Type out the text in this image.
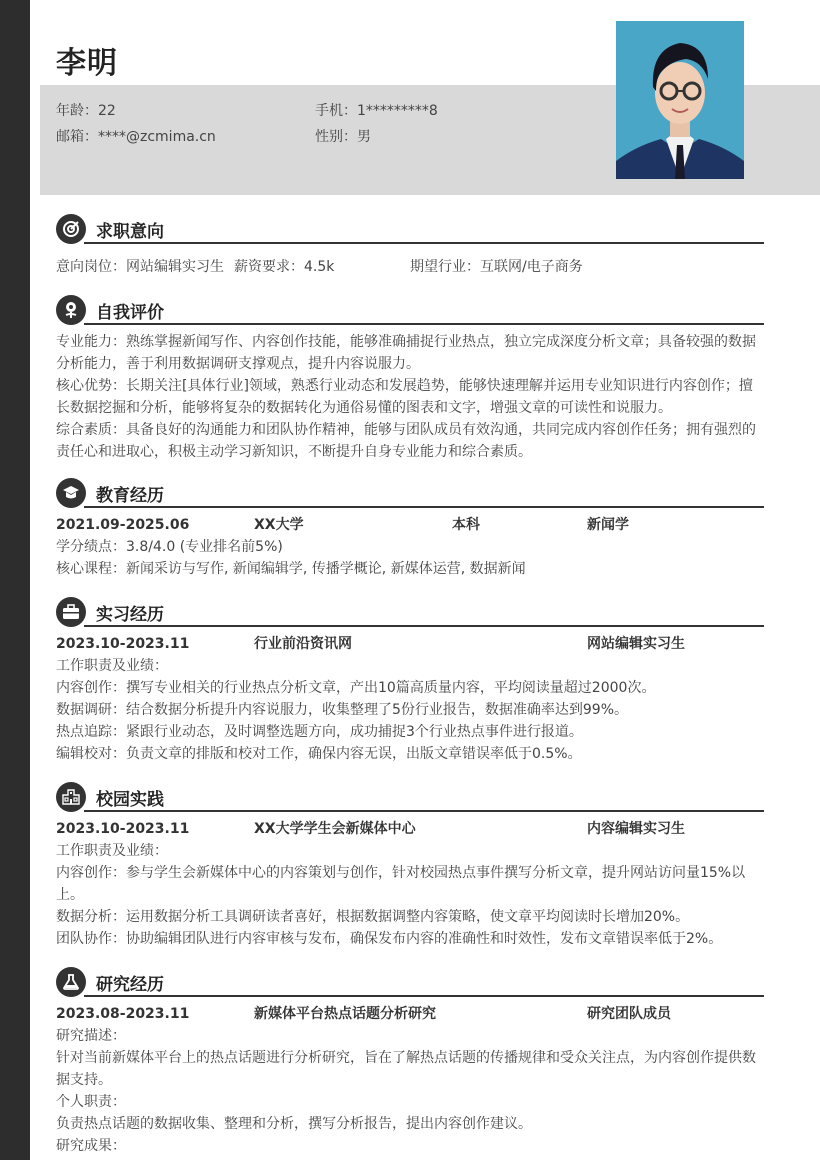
李明
年龄：22	手机：1*********8
邮箱：****@zcmima.cn	性别：男
求职意向
意向岗位：网站编辑实习生 薪资要求：4.5k	期望行业：互联网/电子商务
自我评价
专业能力：熟练掌握新闻写作、内容创作技能，能够准确捕捉行业热点，独立完成深度分析文章；具备较强的数据
分析能力，善于利用数据调研支撑观点，提升内容说服力。
核心优势：长期关注[具体行业]领域，熟悉行业动态和发展趋势，能够快速理解并运用专业知识进行内容创作；擅
长数据挖掘和分析，能够将复杂的数据转化为通俗易懂的图表和文字，增强文章的可读性和说服力。
综合素质：具备良好的沟通能力和团队协作精神，能够与团队成员有效沟通，共同完成内容创作任务；拥有强烈的
责任心和进取心，积极主动学习新知识，不断提升自身专业能力和综合素质。
教育经历
2021.09-2025.06	XX大学	本科	新闻学
学分绩点：3.8/4.0 (专业排名前5%)
核心课程：新闻采访与写作, 新闻编辑学, 传播学概论, 新媒体运营, 数据新闻
实习经历
2023.10-2023.11	行业前沿资讯网	网站编辑实习生
工作职责及业绩：
内容创作：撰写专业相关的行业热点分析文章，产出10篇高质量内容，平均阅读量超过2000次。
数据调研：结合数据分析提升内容说服力，收集整理了5份行业报告，数据准确率达到99%。
热点追踪：紧跟行业动态，及时调整选题方向，成功捕捉3个行业热点事件进行报道。
编辑校对：负责文章的排版和校对工作，确保内容无误，出版文章错误率低于0.5%。
校园实践
2023.10-2023.11	XX大学学生会新媒体中心	内容编辑实习生
工作职责及业绩：
内容创作：参与学生会新媒体中心的内容策划与创作，针对校园热点事件撰写分析文章，提升网站访问量15%以
上。
数据分析：运用数据分析工具调研读者喜好，根据数据调整内容策略，使文章平均阅读时长增加20%。
团队协作：协助编辑团队进行内容审核与发布，确保发布内容的准确性和时效性，发布文章错误率低于2%。
研究经历
2023.08-2023.11	新媒体平台热点话题分析研究	研究团队成员
研究描述：
针对当前新媒体平台上的热点话题进行分析研究，旨在了解热点话题的传播规律和受众关注点，为内容创作提供数
据支持。
个人职责：
负责热点话题的数据收集、整理和分析，撰写分析报告，提出内容创作建议。
研究成果：
